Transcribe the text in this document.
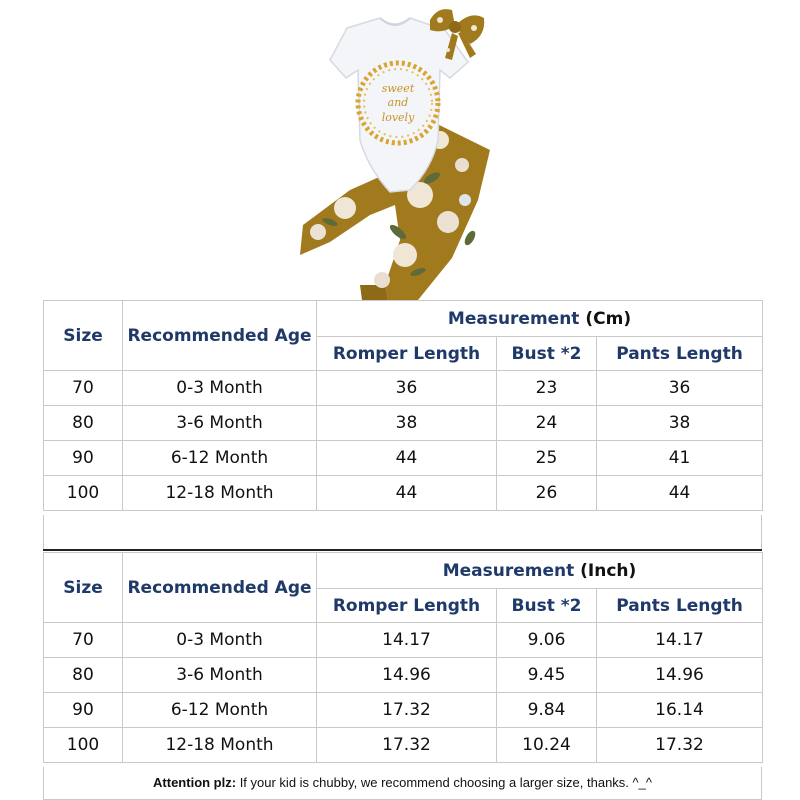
sweet
and
lovely
Size	Recommended Age	Measurement (Cm)		
		Romper Length	Bust *2	Pants Length
70	0-3 Month	36	23	36
80	3-6 Month	38	24	38
90	6-12 Month	44	25	41
100	12-18 Month	44	26	44
Size	Recommended Age	Measurement (Inch)		
		Romper Length	Bust *2	Pants Length
70	0-3 Month	14.17	9.06	14.17
80	3-6 Month	14.96	9.45	14.96
90	6-12 Month	17.32	9.84	16.14
100	12-18 Month	17.32	10.24	17.32
Attention plz: If your kid is chubby, we recommend choosing a larger size, thanks. ^_^
